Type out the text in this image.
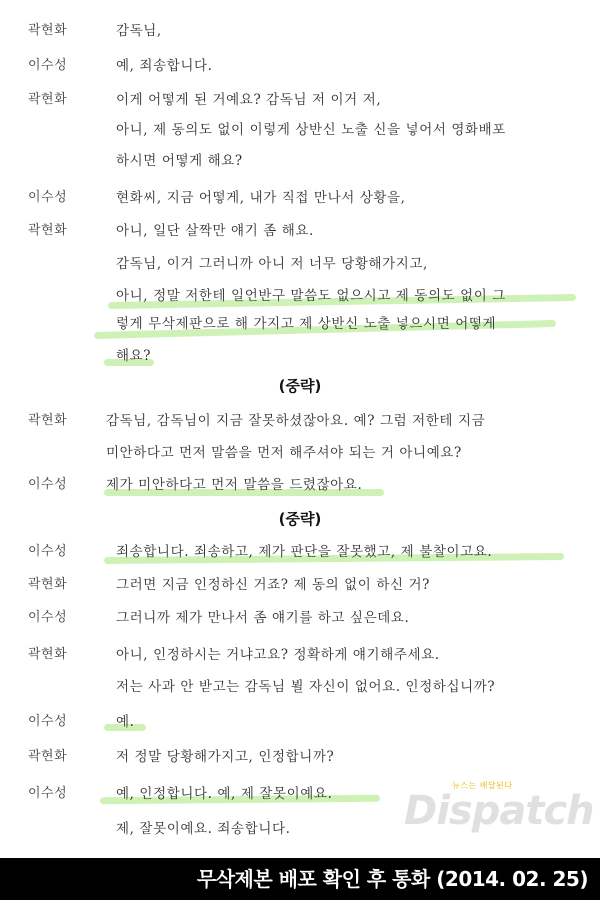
곽현화	감독님,
이수성	예, 죄송합니다.
곽현화	이게 어떻게 된 거예요? 감독님 저 이거 저,
아니, 제 동의도 없이 이렇게 상반신 노출 신을 넣어서 영화배포
하시면 어떻게 해요?
이수성	현화씨, 지금 어떻게, 내가 직접 만나서 상황을,
곽현화	아니, 일단 살짝만 얘기 좀 해요.
감독님, 이거 그러니까 아니 저 너무 당황해가지고,
아니, 정말 저한테 일언반구 말씀도 없으시고 제 동의도 없이 그
렇게 무삭제판으로 해 가지고 제 상반신 노출 넣으시면 어떻게
해요?
(중략)
곽현화	감독님, 감독님이 지금 잘못하셨잖아요. 예? 그럼 저한테 지금
미안하다고 먼저 말씀을 먼저 해주셔야 되는 거 아니예요?
이수성	제가 미안하다고 먼저 말씀을 드렸잖아요.
(중략)
이수성	죄송합니다. 죄송하고, 제가 판단을 잘못했고, 제 불찰이고요.
곽현화	그러면 지금 인정하신 거죠? 제 동의 없이 하신 거?
이수성	그러니까 제가 만나서 좀 얘기를 하고 싶은데요.
곽현화	아니, 인정하시는 거냐고요? 정확하게 얘기해주세요.
저는 사과 안 받고는 감독님 뵐 자신이 없어요. 인정하십니까?
이수성	예.
곽현화	저 정말 당황해가지고, 인정합니까?
이수성	예, 인정합니다. 예, 제 잘못이예요.
제, 잘못이예요. 죄송합니다.
뉴스는 배달된다
Dispatch
무삭제본 배포 확인 후 통화 (2014. 02. 25)
